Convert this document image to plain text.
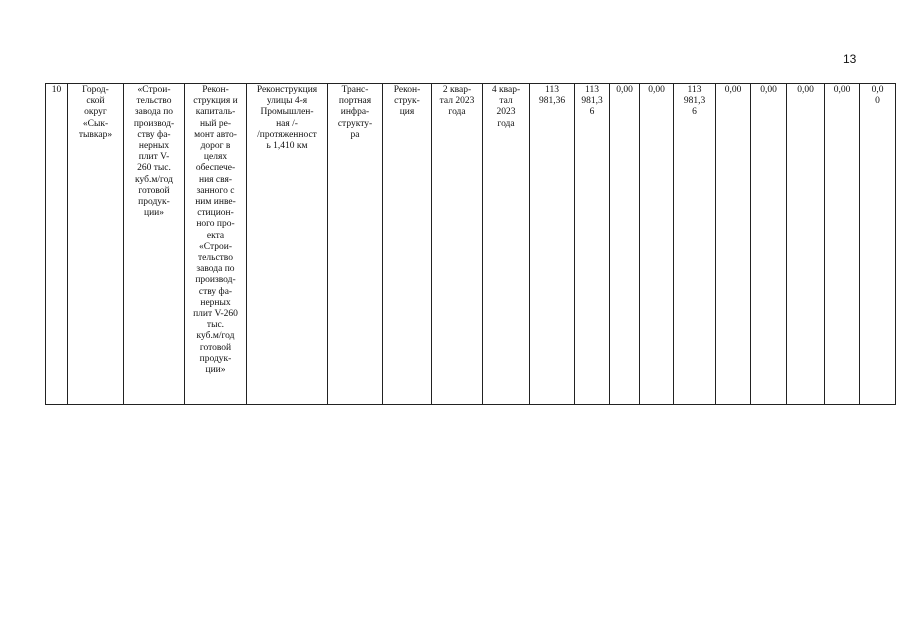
13
10	Город-
ской
округ
«Сык-
тывкар»	«Строи-
тельство
завода по
производ-
ству фа-
нерных
плит V-
260 тыс.
куб.м/год
готовой
продук-
ции»	Рекон-
струкция и
капиталь-
ный ре-
монт авто-
дорог в
целях
обеспече-
ния свя-
занного с
ним инве-
стицион-
ного про-
екта
«Строи-
тельство
завода по
производ-
ству фа-
нерных
плит V-260
тыс.
куб.м/год
готовой
продук-
ции»	Реконструкция
улицы 4-я
Промышлен-
ная /-
/протяженност
ь 1,410 км	Транс-
портная
инфра-
структу-
ра	Рекон-
струк-
ция	2 квар-
тал 2023
года	4 квар-
тал
2023
года	113
981,36	113
981,3
6	0,00	0,00	113
981,3
6	0,00	0,00	0,00	0,00	0,0
0
